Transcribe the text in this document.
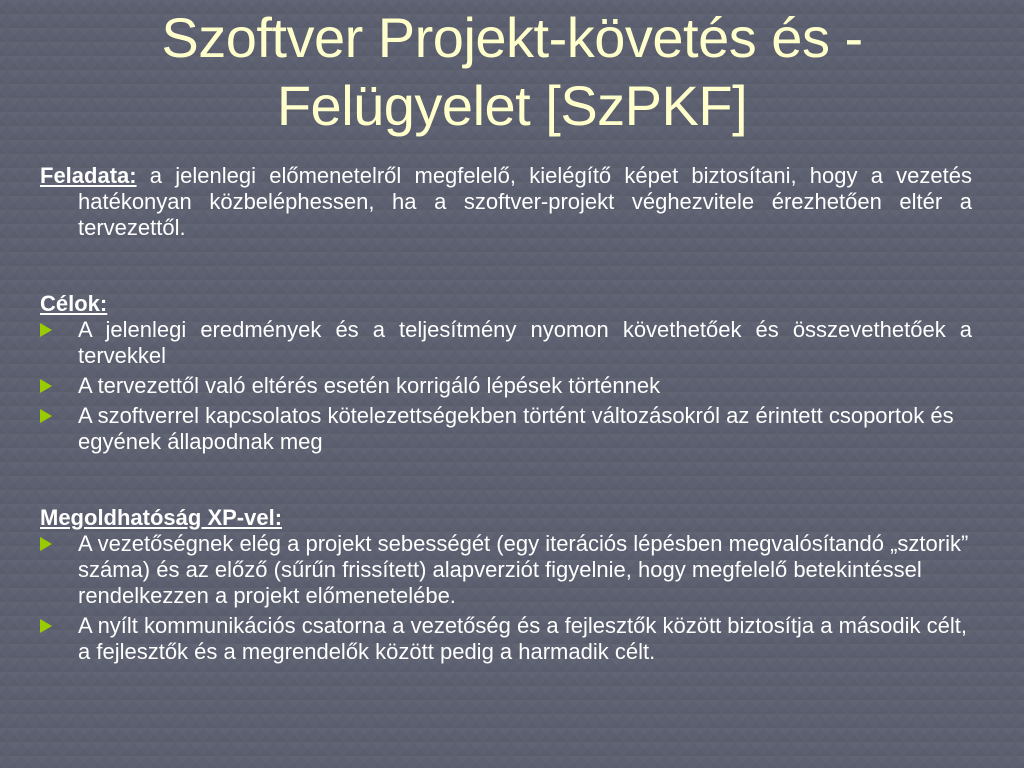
Szoftver Projekt-követés és -
Felügyelet [SzPKF]

Feladata: a jelenlegi előmenetelről megfelelő, kielégítő képet biztosítani, hogy a vezetés hatékonyan közbeléphessen, ha a szoftver-projekt véghezvitele érezhetően eltér a tervezettől.

Célok:

A jelenlegi eredmények és a teljesítmény nyomon követhetőek és összevethetőek a tervekkel
A tervezettől való eltérés esetén korrigáló lépések történnek
A szoftverrel kapcsolatos kötelezettségekben történt változásokról az érintett csoportok és egyének állapodnak meg

Megoldhatóság XP-vel:

A vezetőségnek elég a projekt sebességét (egy iterációs lépésben megvalósítandó „sztorik” száma) és az előző (sűrűn frissített) alapverziót figyelnie, hogy megfelelő betekintéssel rendelkezzen a projekt előmenetelébe.
A nyílt kommunikációs csatorna a vezetőség és a fejlesztők között biztosítja a második célt, a fejlesztők és a megrendelők között pedig a harmadik célt.
